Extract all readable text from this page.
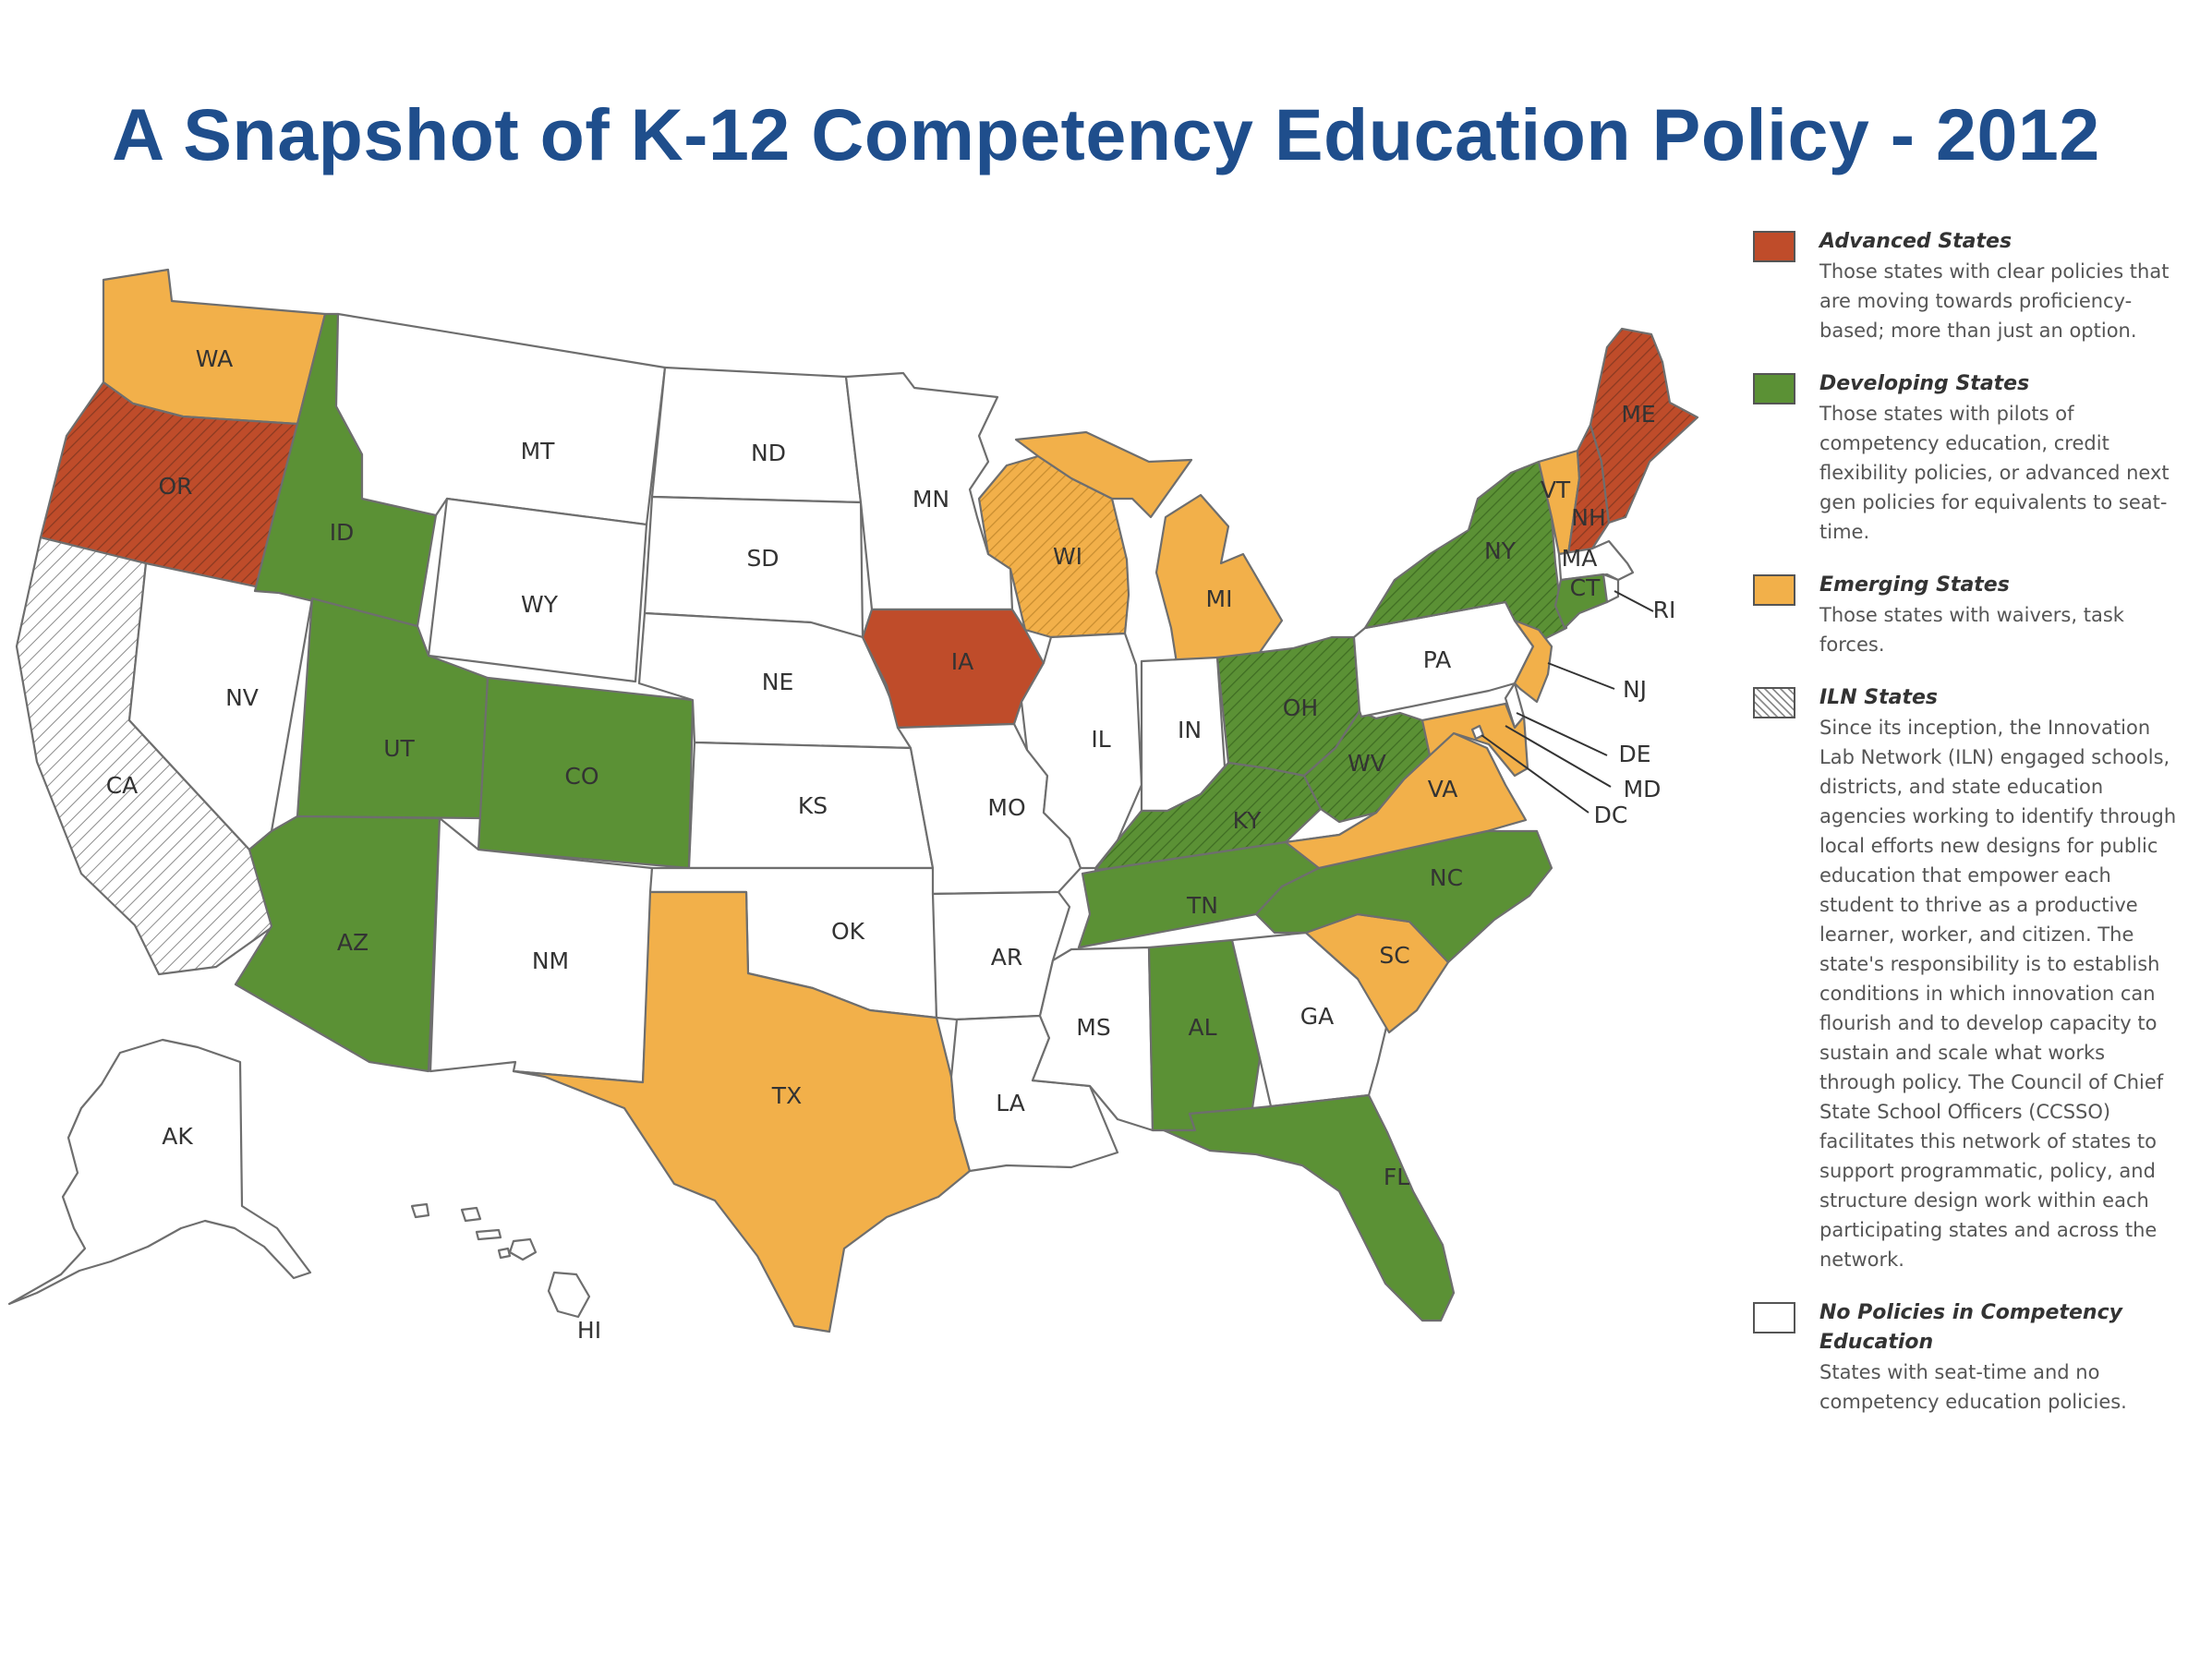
A Snapshot of K-12 Competency Education Policy - 2012
WA
OR
CA
NV
ID
MT
WY
UT
CO
AZ
NM
ND
SD
NE
KS
OK
TX
MN
IA
MO
AR
LA
WI
IL
MI
IN
OH
KY
TN
MS	AL	GA
FL
SC
NC
VA
WV
PA
NY
VT
NH
ME
MA
CT
RI
NJ
DE
MD
DC
AK
HI
Advanced States
Those states with clear policies that are moving towards proficiency-based; more than just an option.
Developing States
Those states with pilots of competency education, credit flexibility policies, or advanced next gen policies for equivalents to seat-time.
Emerging States
Those states with waivers, task forces.
ILN States
Since its inception, the Innovation Lab Network (ILN) engaged schools, districts, and state education agencies working to identify through local efforts new designs for public education that empower each student to thrive as a productive learner, worker, and citizen. The state's responsibility is to establish conditions in which innovation can flourish and to develop capacity to sustain and scale what works through policy. The Council of Chief State School Officers (CCSSO) facilitates this network of states to support programmatic, policy, and structure design work within each participating states and across the network.
No Policies in Competency Education
States with seat-time and no competency education policies.
